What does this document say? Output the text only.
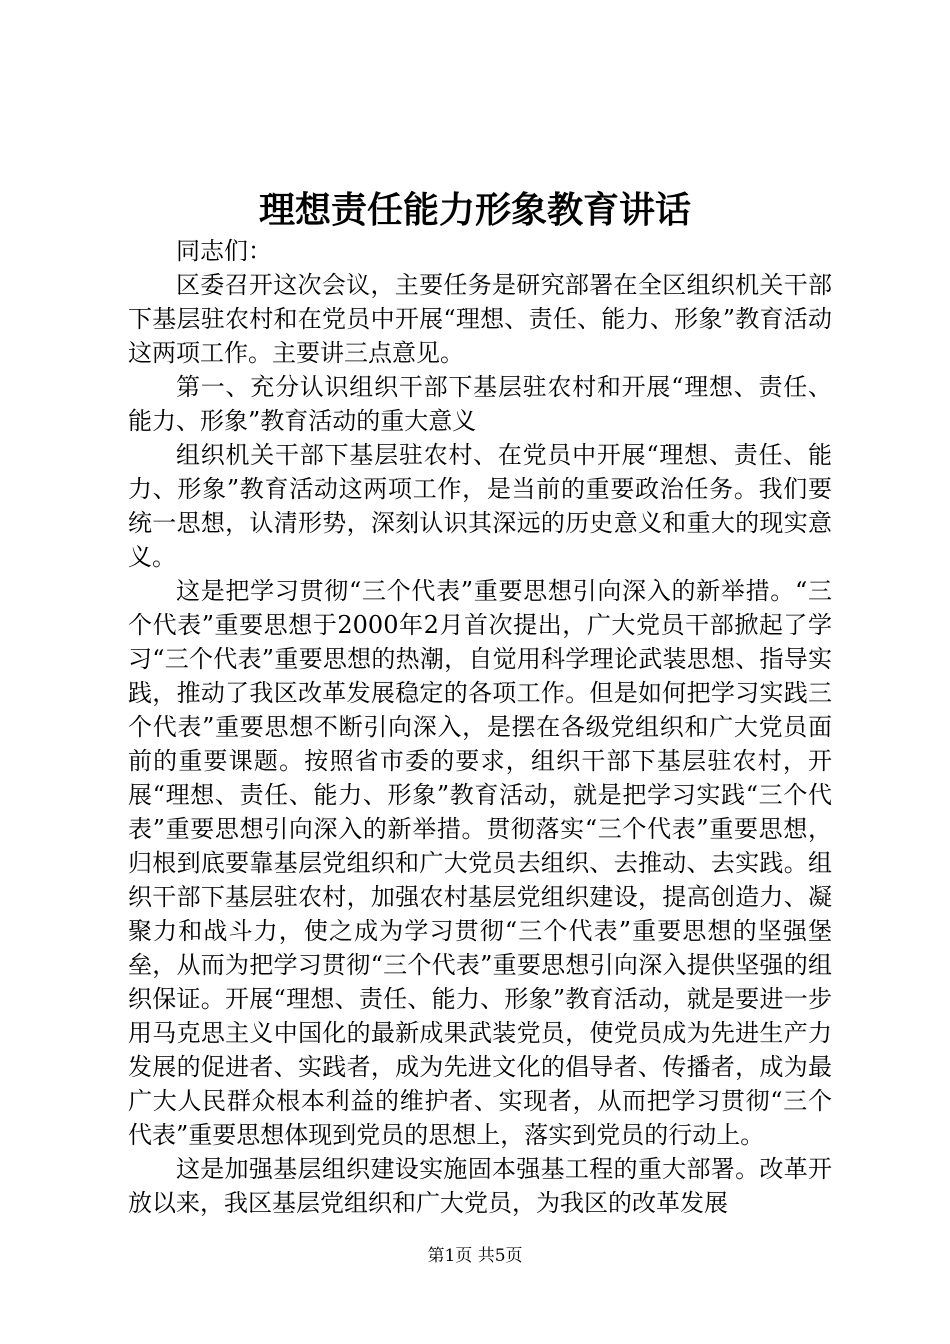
理想责任能力形象教育讲话

同志们：

区委召开这次会议，主要任务是研究部署在全区组织机关干部下基层驻农村和在党员中开展“理想、责任、能力、形象”教育活动这两项工作。主要讲三点意见。

第一、充分认识组织干部下基层驻农村和开展“理想、责任、能力、形象”教育活动的重大意义

组织机关干部下基层驻农村、在党员中开展“理想、责任、能力、形象”教育活动这两项工作，是当前的重要政治任务。我们要统一思想，认清形势，深刻认识其深远的历史意义和重大的现实意义。

这是把学习贯彻“三个代表”重要思想引向深入的新举措。“三个代表”重要思想于2000年2月首次提出，广大党员干部掀起了学习“三个代表”重要思想的热潮，自觉用科学理论武装思想、指导实践，推动了我区改革发展稳定的各项工作。但是如何把学习实践三个代表”重要思想不断引向深入，是摆在各级党组织和广大党员面前的重要课题。按照省市委的要求，组织干部下基层驻农村，开展“理想、责任、能力、形象”教育活动，就是把学习实践“三个代表”重要思想引向深入的新举措。贯彻落实“三个代表”重要思想，归根到底要靠基层党组织和广大党员去组织、去推动、去实践。组织干部下基层驻农村，加强农村基层党组织建设，提高创造力、凝聚力和战斗力，使之成为学习贯彻“三个代表”重要思想的坚强堡垒，从而为把学习贯彻“三个代表”重要思想引向深入提供坚强的组织保证。开展“理想、责任、能力、形象”教育活动，就是要进一步用马克思主义中国化的最新成果武装党员，使党员成为先进生产力发展的促进者、实践者，成为先进文化的倡导者、传播者，成为最广大人民群众根本利益的维护者、实现者，从而把学习贯彻“三个代表”重要思想体现到党员的思想上，落实到党员的行动上。

这是加强基层组织建设实施固本强基工程的重大部署。改革开放以来，我区基层党组织和广大党员，为我区的改革发展

第1页 共5页
